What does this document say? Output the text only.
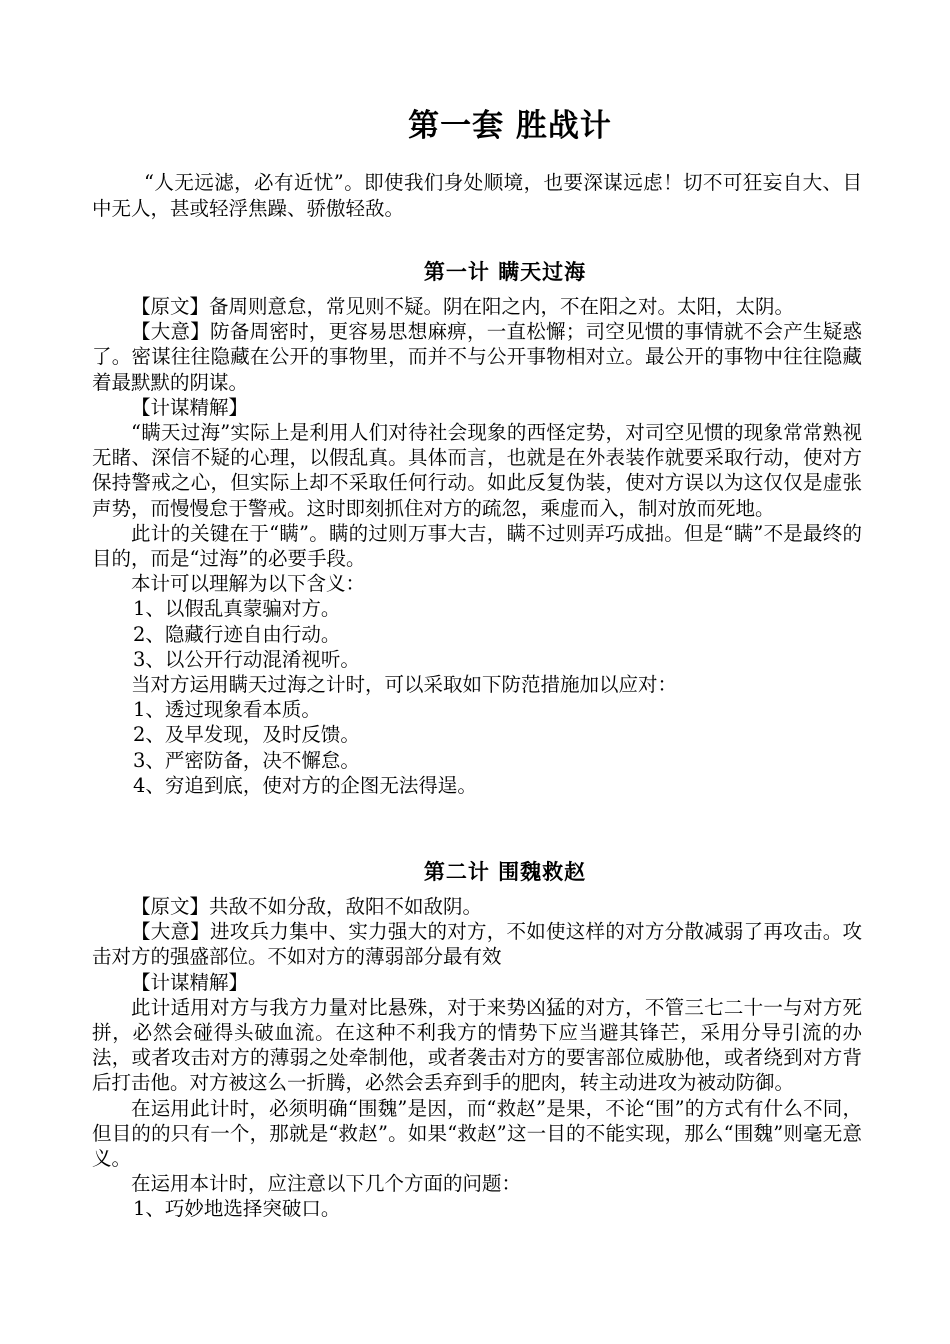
第一套 胜战计
“人无远滤，必有近忧”。即使我们身处顺境，也要深谋远虑！切不可狂妄自大、目中无人，甚或轻浮焦躁、骄傲轻敌。
第一计 瞒天过海

【原文】备周则意怠，常见则不疑。阴在阳之内，不在阳之对。太阳，太阴。

【大意】防备周密时，更容易思想麻痹，一直松懈；司空见惯的事情就不会产生疑惑了。密谋往往隐藏在公开的事物里，而并不与公开事物相对立。最公开的事物中往往隐藏着最默默的阴谋。

【计谋精解】

“瞒天过海”实际上是利用人们对待社会现象的西怪定势，对司空见惯的现象常常熟视无睹、深信不疑的心理，以假乱真。具体而言，也就是在外表装作就要采取行动，使对方保持警戒之心，但实际上却不采取任何行动。如此反复伪装，使对方误以为这仅仅是虚张声势，而慢慢怠于警戒。这时即刻抓住对方的疏忽，乘虚而入，制对放而死地。

此计的关键在于“瞒”。瞒的过则万事大吉，瞒不过则弄巧成拙。但是“瞒”不是最终的目的，而是“过海”的必要手段。

本计可以理解为以下含义：

1、以假乱真蒙骗对方。

2、隐藏行迹自由行动。

3、以公开行动混淆视听。

当对方运用瞒天过海之计时，可以采取如下防范措施加以应对：

1、透过现象看本质。

2、及早发现，及时反馈。

3、严密防备，决不懈怠。

4、穷追到底，使对方的企图无法得逞。

第二计 围魏救赵

【原文】共敌不如分敌，敌阳不如敌阴。

【大意】进攻兵力集中、实力强大的对方，不如使这样的对方分散减弱了再攻击。攻击对方的强盛部位。不如对方的薄弱部分最有效

【计谋精解】

此计适用对方与我方力量对比悬殊，对于来势凶猛的对方，不管三七二十一与对方死拼，必然会碰得头破血流。在这种不利我方的情势下应当避其锋芒，采用分导引流的办法，或者攻击对方的薄弱之处牵制他，或者袭击对方的要害部位威胁他，或者绕到对方背后打击他。对方被这么一折腾，必然会丢弃到手的肥肉，转主动进攻为被动防御。

在运用此计时，必须明确“围魏”是因，而“救赵”是果，不论“围”的方式有什么不同，但目的的只有一个，那就是“救赵”。如果“救赵”这一目的不能实现，那么“围魏”则毫无意义。

在运用本计时，应注意以下几个方面的问题：

1、巧妙地选择突破口。
